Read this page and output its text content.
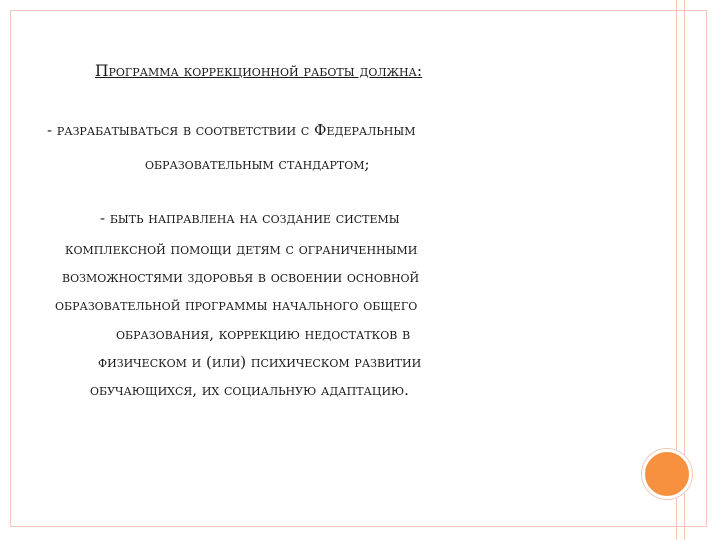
Программа коррекционной работы должна:
- разрабатываться в соответствии с Федеральным
образовательным стандартом;
- быть направлена на создание системы
комплексной помощи детям с ограниченными
возможностями здоровья в освоении основной
образовательной программы начального общего
образования, коррекцию недостатков в
физическом и (или) психическом развитии
обучающихся, их социальную адаптацию.
